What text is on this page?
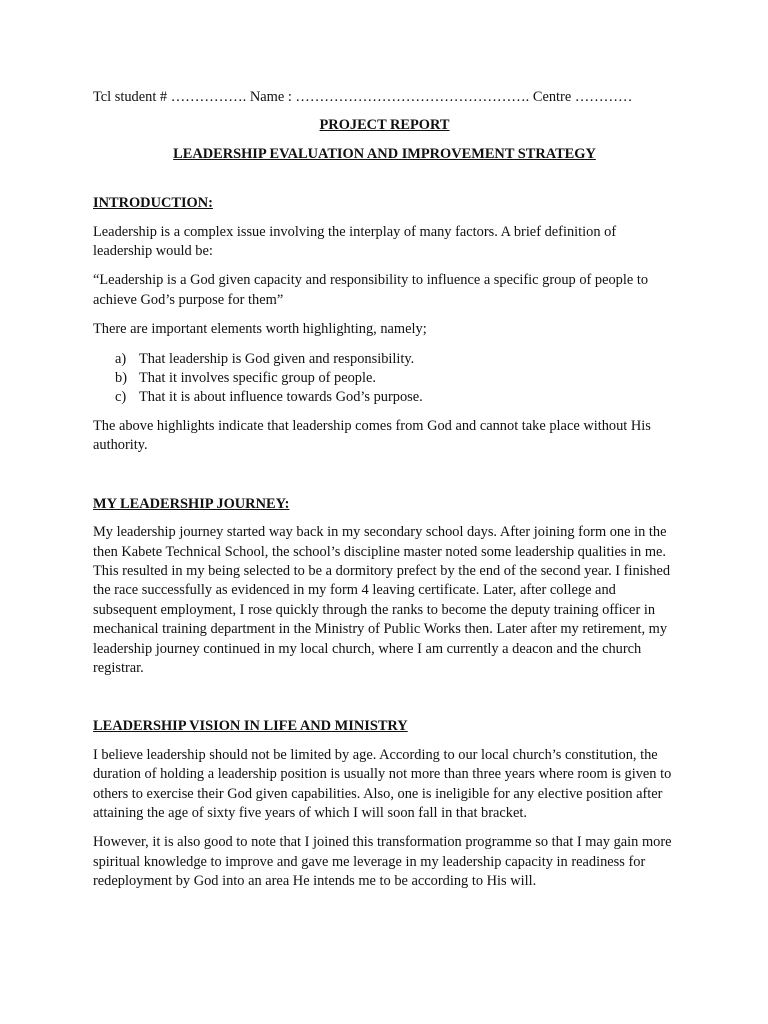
Tcl student # ……………. Name : …………………………………………. Centre …………
PROJECT REPORT
LEADERSHIP EVALUATION AND IMPROVEMENT STRATEGY
INTRODUCTION:

Leadership is a complex issue involving the interplay of many factors. A brief definition of leadership would be:

“Leadership is a God given capacity and responsibility to influence a specific group of people to achieve God’s purpose for them”

There are important elements worth highlighting, namely;

a) That leadership is God given and responsibility.
b) That it involves specific group of people.
c) That it is about influence towards God’s purpose.

The above highlights indicate that leadership comes from God and cannot take place without His authority.

MY LEADERSHIP JOURNEY:

My leadership journey started way back in my secondary school days. After joining form one in the then Kabete Technical School, the school’s discipline master noted some leadership qualities in me. This resulted in my being selected to be a dormitory prefect by the end of the second year. I finished the race successfully as evidenced in my form 4 leaving certificate. Later, after college and subsequent employment, I rose quickly through the ranks to become the deputy training officer in mechanical training department in the Ministry of Public Works then. Later after my retirement, my leadership journey continued in my local church, where I am currently a deacon and the church registrar.

LEADERSHIP VISION IN LIFE AND MINISTRY

I believe leadership should not be limited by age. According to our local church’s constitution, the duration of holding a leadership position is usually not more than three years where room is given to others to exercise their God given capabilities. Also, one is ineligible for any elective position after attaining the age of sixty five years of which I will soon fall in that bracket.

However, it is also good to note that I joined this transformation programme so that I may gain more spiritual knowledge to improve and gave me leverage in my leadership capacity in readiness for redeployment by God into an area He intends me to be according to His will.
